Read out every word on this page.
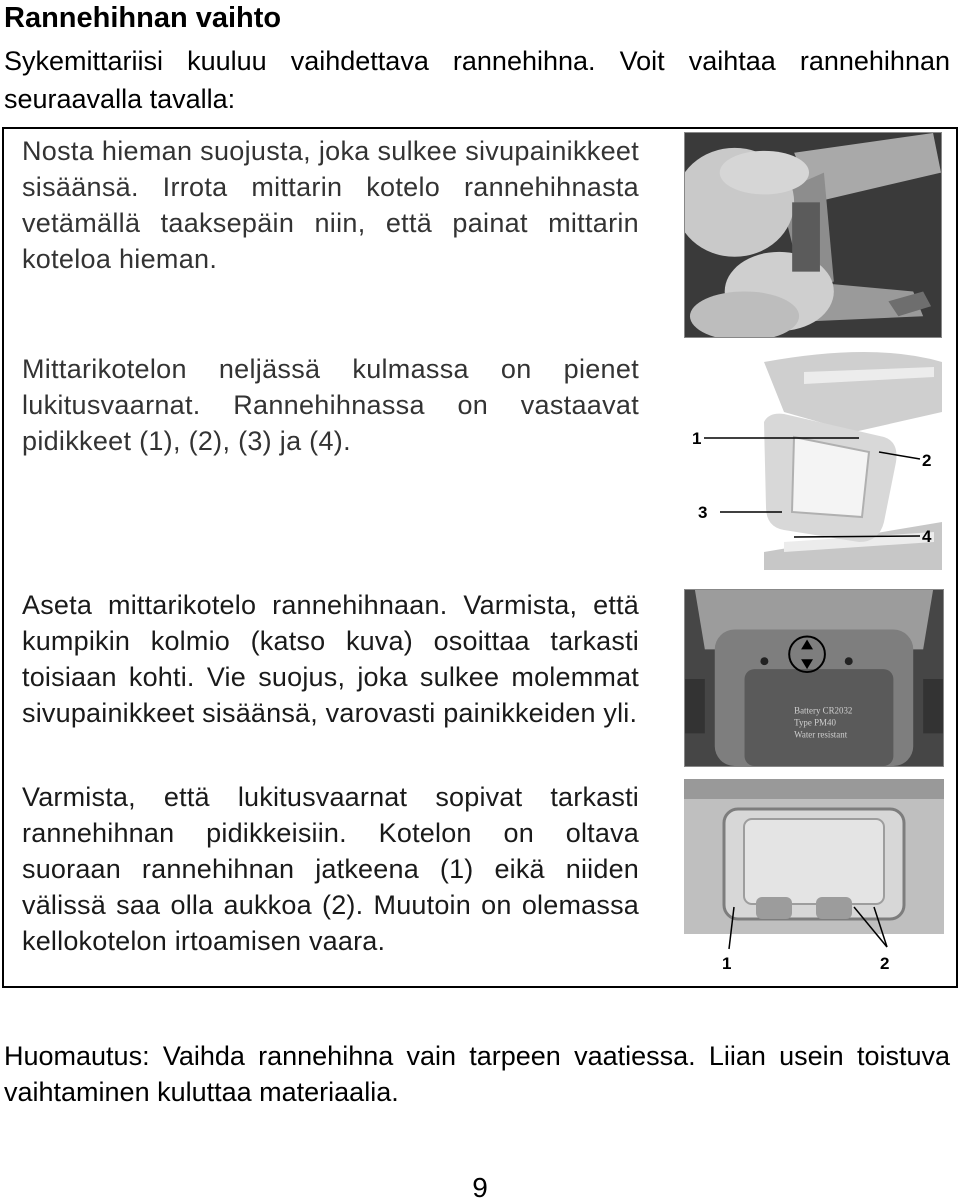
Rannehihnan vaihto
Sykemittariisi kuuluu vaihdettava rannehihna. Voit vaihtaa rannehihnan seuraavalla tavalla:
Nosta hieman suojusta, joka sulkee sivupainikkeet sisäänsä. Irrota mittarin kotelo rannehihnasta vetämällä taaksepäin niin, että painat mittarin koteloa hieman.
Mittarikotelon neljässä kulmassa on pienet lukitusvaarnat. Rannehihnassa on vastaavat pidikkeet (1), (2), (3) ja (4).	1
2
3
4
Aseta mittarikotelo rannehihnaan. Varmista, että kumpikin kolmio (katso kuva) osoittaa tarkasti toisiaan kohti. Vie suojus, joka sulkee molemmat sivupainikkeet sisäänsä, varovasti painikkeiden yli.	Battery CR2032
Type PM40
Water resistant
Varmista, että lukitusvaarnat sopivat tarkasti rannehihnan pidikkeisiin. Kotelon on oltava suoraan rannehihnan jatkeena (1) eikä niiden välissä saa olla aukkoa (2). Muutoin on olemassa kellokotelon irtoamisen vaara.
1	2
Huomautus: Vaihda rannehihna vain tarpeen vaatiessa. Liian usein toistuva vaihtaminen kuluttaa materiaalia.
9
